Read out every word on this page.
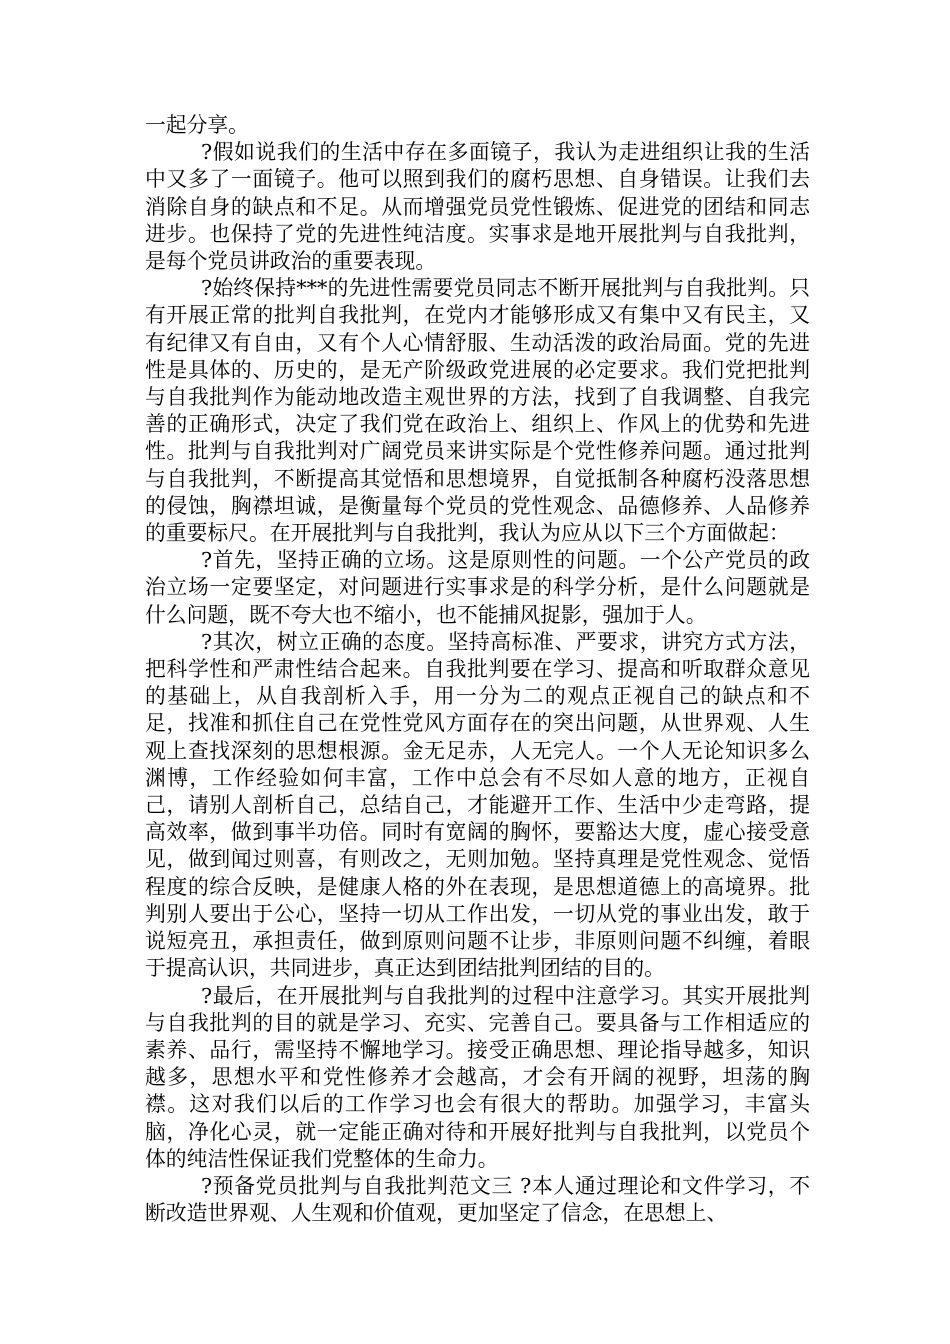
一起分享。

?假如说我们的生活中存在多面镜子，我认为走进组织让我的生活中又多了一面镜子。他可以照到我们的腐朽思想、自身错误。让我们去消除自身的缺点和不足。从而增强党员党性锻炼、促进党的团结和同志进步。也保持了党的先进性纯洁度。实事求是地开展批判与自我批判，是每个党员讲政治的重要表现。

?始终保持***的先进性需要党员同志不断开展批判与自我批判。只有开展正常的批判自我批判，在党内才能够形成又有集中又有民主，又有纪律又有自由，又有个人心情舒服、生动活泼的政治局面。党的先进性是具体的、历史的，是无产阶级政党进展的必定要求。我们党把批判与自我批判作为能动地改造主观世界的方法，找到了自我调整、自我完善的正确形式，决定了我们党在政治上、组织上、作风上的优势和先进性。批判与自我批判对广阔党员来讲实际是个党性修养问题。通过批判与自我批判，不断提高其觉悟和思想境界，自觉抵制各种腐朽没落思想的侵蚀，胸襟坦诚，是衡量每个党员的党性观念、品德修养、人品修养的重要标尺。在开展批判与自我批判，我认为应从以下三个方面做起：

?首先，坚持正确的立场。这是原则性的问题。一个公产党员的政治立场一定要坚定，对问题进行实事求是的科学分析，是什么问题就是什么问题，既不夸大也不缩小，也不能捕风捉影，强加于人。

?其次，树立正确的态度。坚持高标准、严要求，讲究方式方法，把科学性和严肃性结合起来。自我批判要在学习、提高和听取群众意见的基础上，从自我剖析入手，用一分为二的观点正视自己的缺点和不足，找准和抓住自己在党性党风方面存在的突出问题，从世界观、人生观上查找深刻的思想根源。金无足赤，人无完人。一个人无论知识多么渊博，工作经验如何丰富，工作中总会有不尽如人意的地方，正视自己，请别人剖析自己，总结自己，才能避开工作、生活中少走弯路，提高效率，做到事半功倍。同时有宽阔的胸怀，要豁达大度，虚心接受意见，做到闻过则喜，有则改之，无则加勉。坚持真理是党性观念、觉悟程度的综合反映，是健康人格的外在表现，是思想道德上的高境界。批判别人要出于公心，坚持一切从工作出发，一切从党的事业出发，敢于说短亮丑，承担责任，做到原则问题不让步，非原则问题不纠缠，着眼于提高认识，共同进步，真正达到团结批判团结的目的。

?最后，在开展批判与自我批判的过程中注意学习。其实开展批判与自我批判的目的就是学习、充实、完善自己。要具备与工作相适应的素养、品行，需坚持不懈地学习。接受正确思想、理论指导越多，知识越多，思想水平和党性修养才会越高，才会有开阔的视野，坦荡的胸襟。这对我们以后的工作学习也会有很大的帮助。加强学习，丰富头脑，净化心灵，就一定能正确对待和开展好批判与自我批判，以党员个体的纯洁性保证我们党整体的生命力。

?预备党员批判与自我批判范文三 ?本人通过理论和文件学习，不断改造世界观、人生观和价值观，更加坚定了信念，在思想上、
